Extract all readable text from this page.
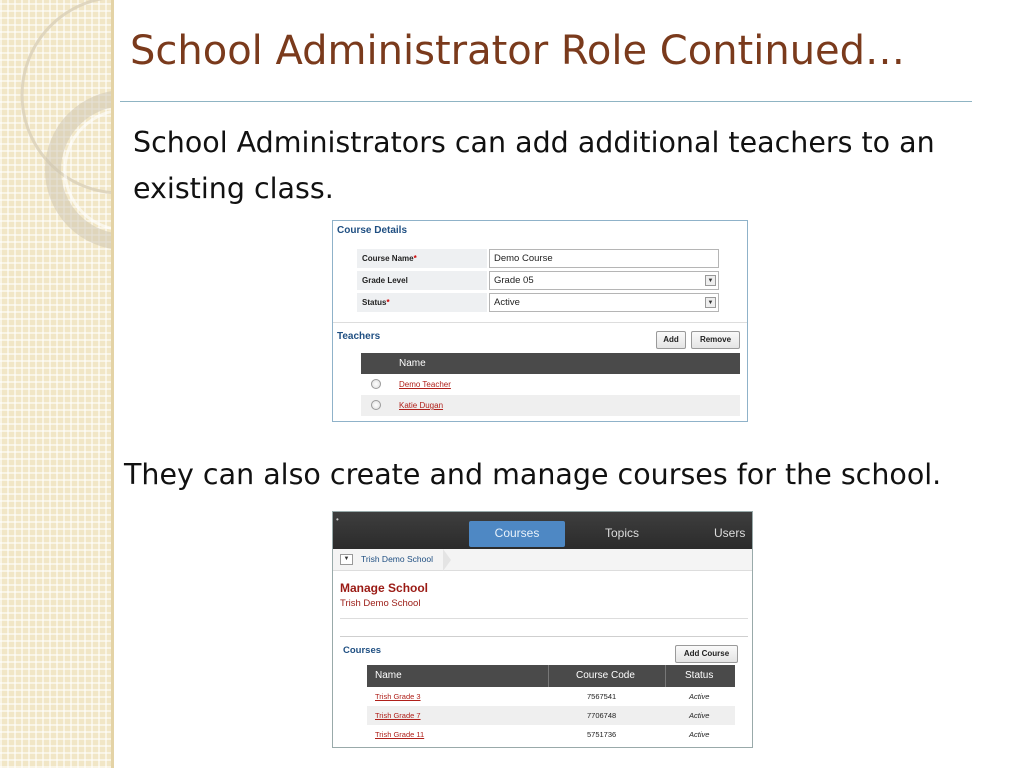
School Administrator Role Continued…
School Administrators can add additional teachers to an existing class.
Course Details
Course Name*	Demo Course
Grade Level	Grade 05	▼
Status*	Active	▼
Teachers	Add	Remove
Name
Demo Teacher
Katie Dugan
They can also create and manage courses for the school.
•
Courses	Topics	Users
▼	Trish Demo School
Manage School
Trish Demo School
Courses	Add Course
Name	Course Code	Status
Trish Grade 3	7567541	Active
Trish Grade 7	7706748	Active
Trish Grade 11	5751736	Active
